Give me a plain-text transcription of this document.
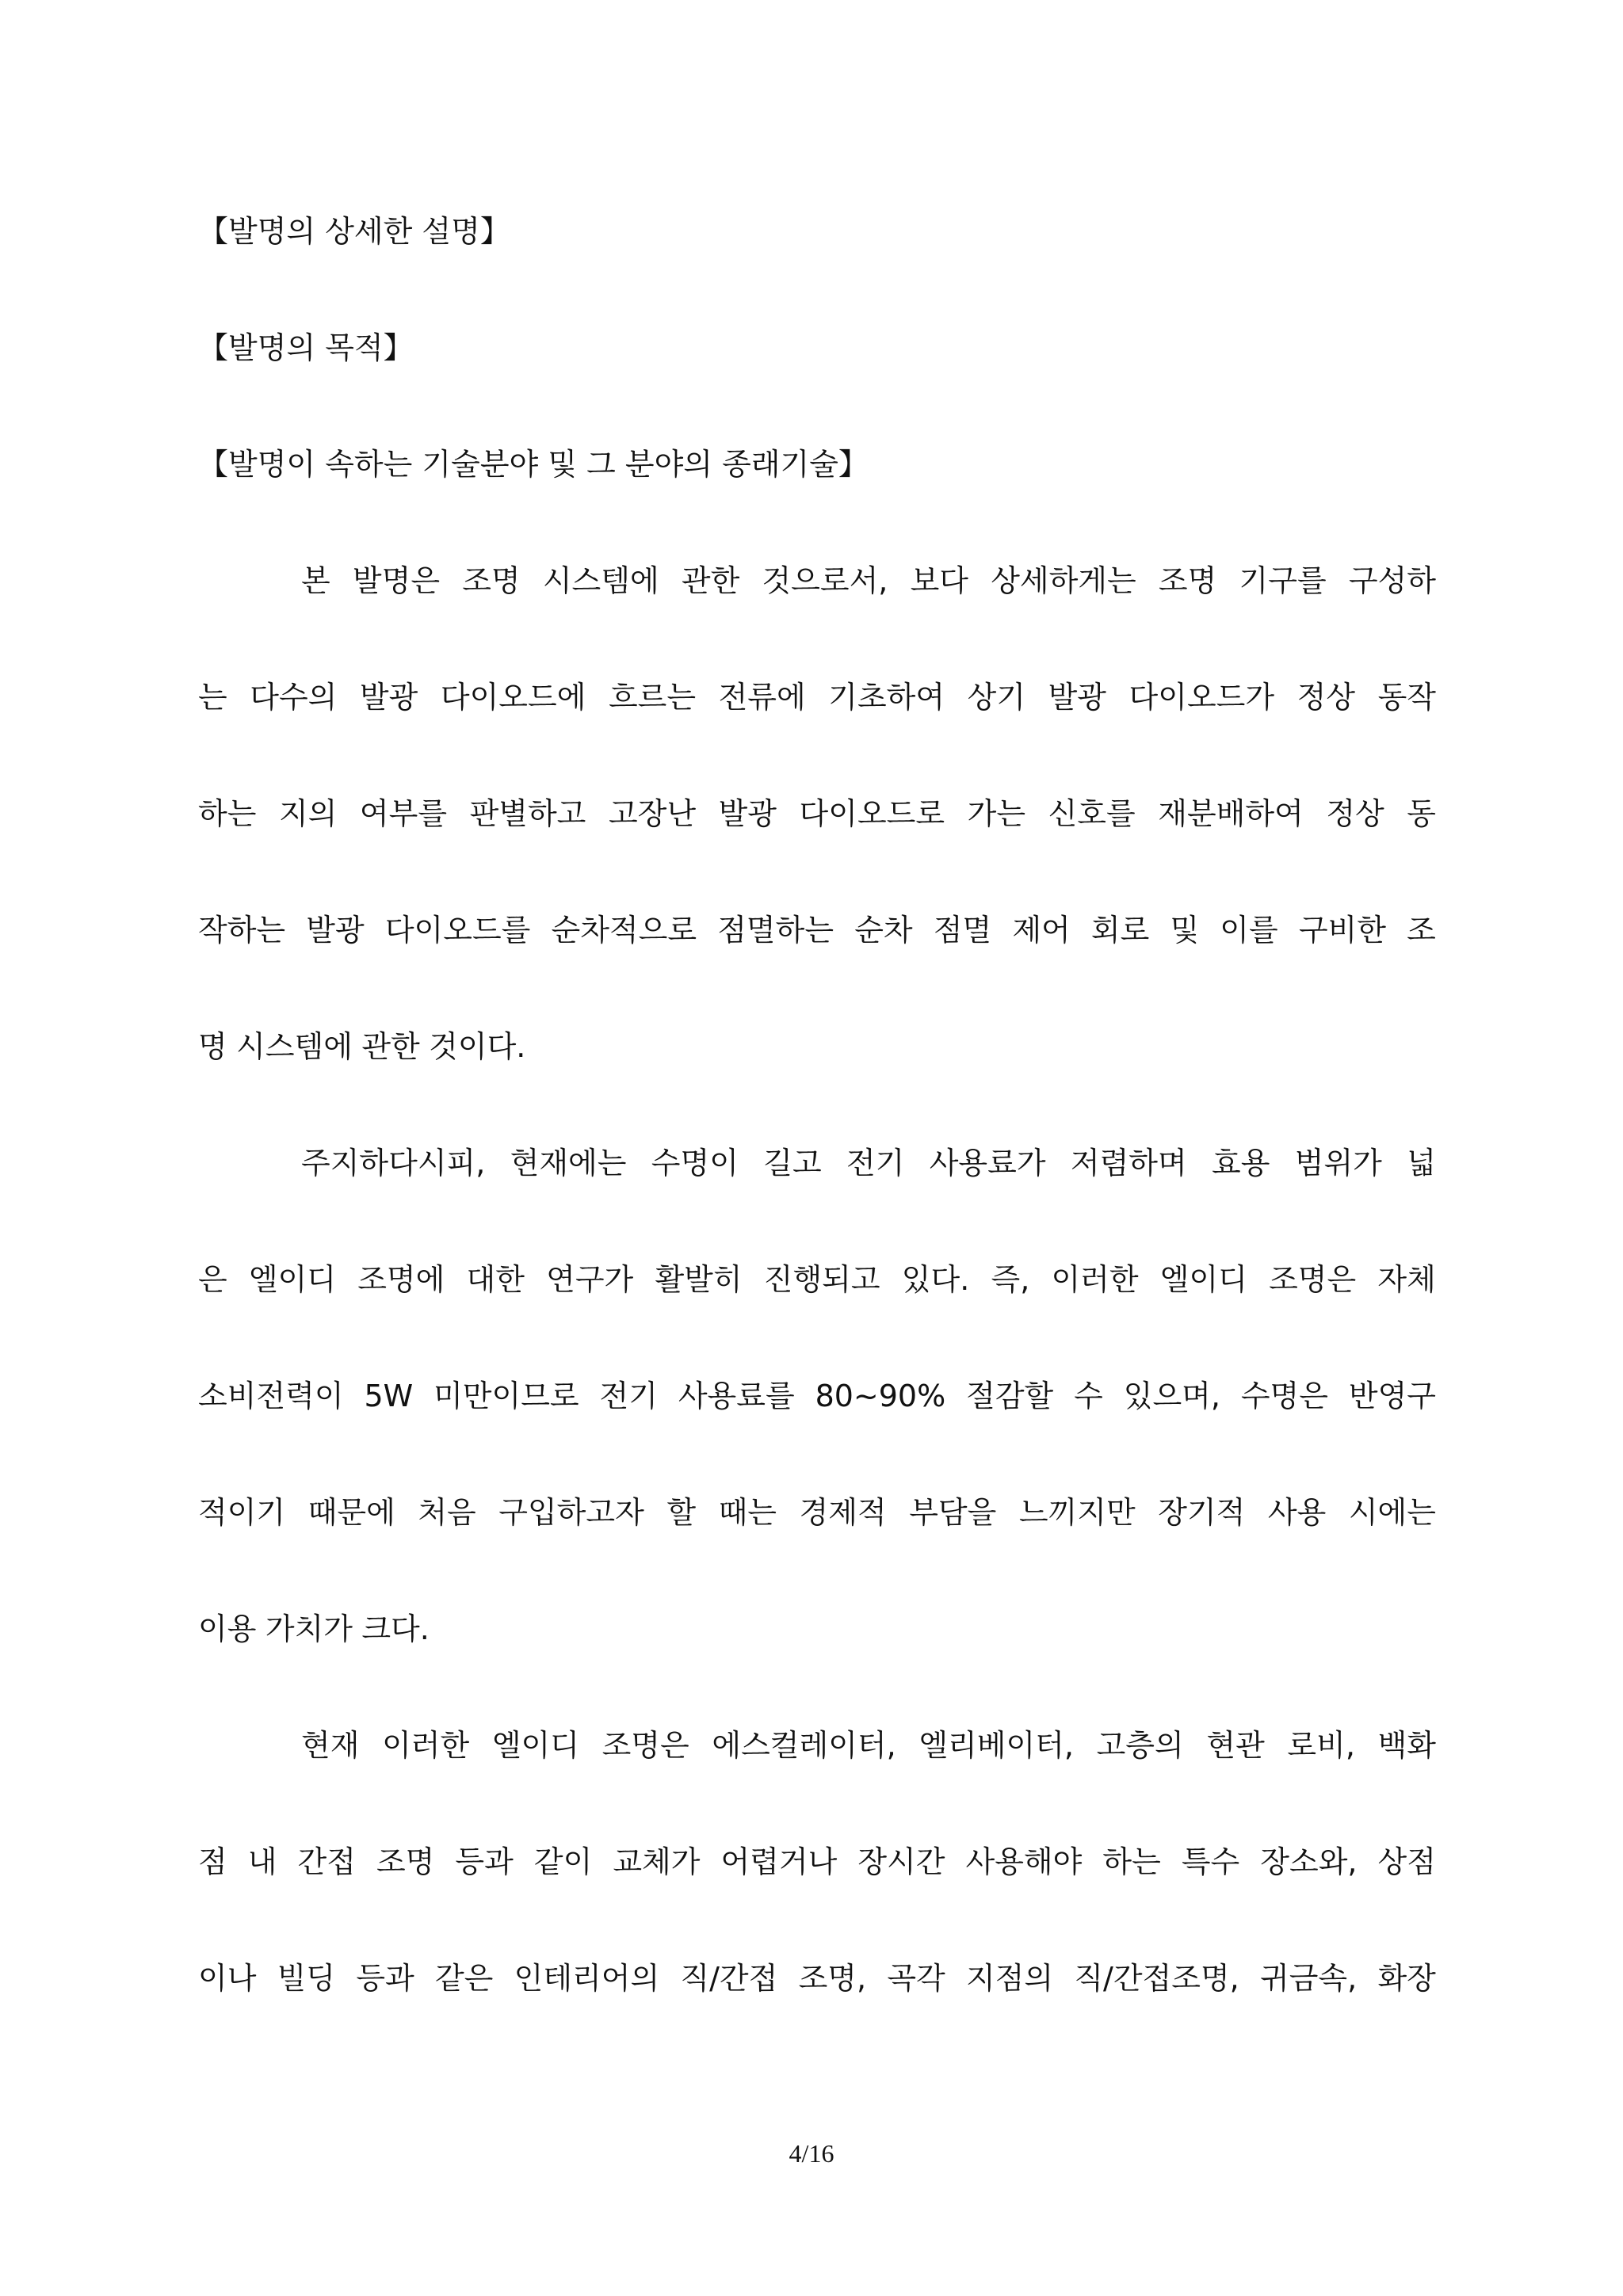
【발명의 상세한 설명】
【발명의 목적】
【발명이 속하는 기술분야 및 그 분야의 종래기술】
본 발명은 조명 시스템에 관한 것으로서, 보다 상세하게는 조명 기구를 구성하
는 다수의 발광 다이오드에 흐르는 전류에 기초하여 상기 발광 다이오드가 정상 동작
하는 지의 여부를 판별하고 고장난 발광 다이오드로 가는 신호를 재분배하여 정상 동
작하는 발광 다이오드를 순차적으로 점멸하는 순차 점멸 제어 회로 및 이를 구비한 조
명 시스템에 관한 것이다.
주지하다시피, 현재에는 수명이 길고 전기 사용료가 저렴하며 효용 범위가 넓
은 엘이디 조명에 대한 연구가 활발히 진행되고 있다. 즉, 이러한 엘이디 조명은 자체
소비전력이 5W 미만이므로 전기 사용료를 80~90% 절감할 수 있으며, 수명은 반영구
적이기 때문에 처음 구입하고자 할 때는 경제적 부담을 느끼지만 장기적 사용 시에는
이용 가치가 크다.
현재 이러한 엘이디 조명은 에스컬레이터, 엘리베이터, 고층의 현관 로비, 백화
점 내 간접 조명 등과 같이 교체가 어렵거나 장시간 사용해야 하는 특수 장소와, 상점
이나 빌딩 등과 같은 인테리어의 직/간접 조명, 곡각 지점의 직/간접조명, 귀금속, 화장
4/16
